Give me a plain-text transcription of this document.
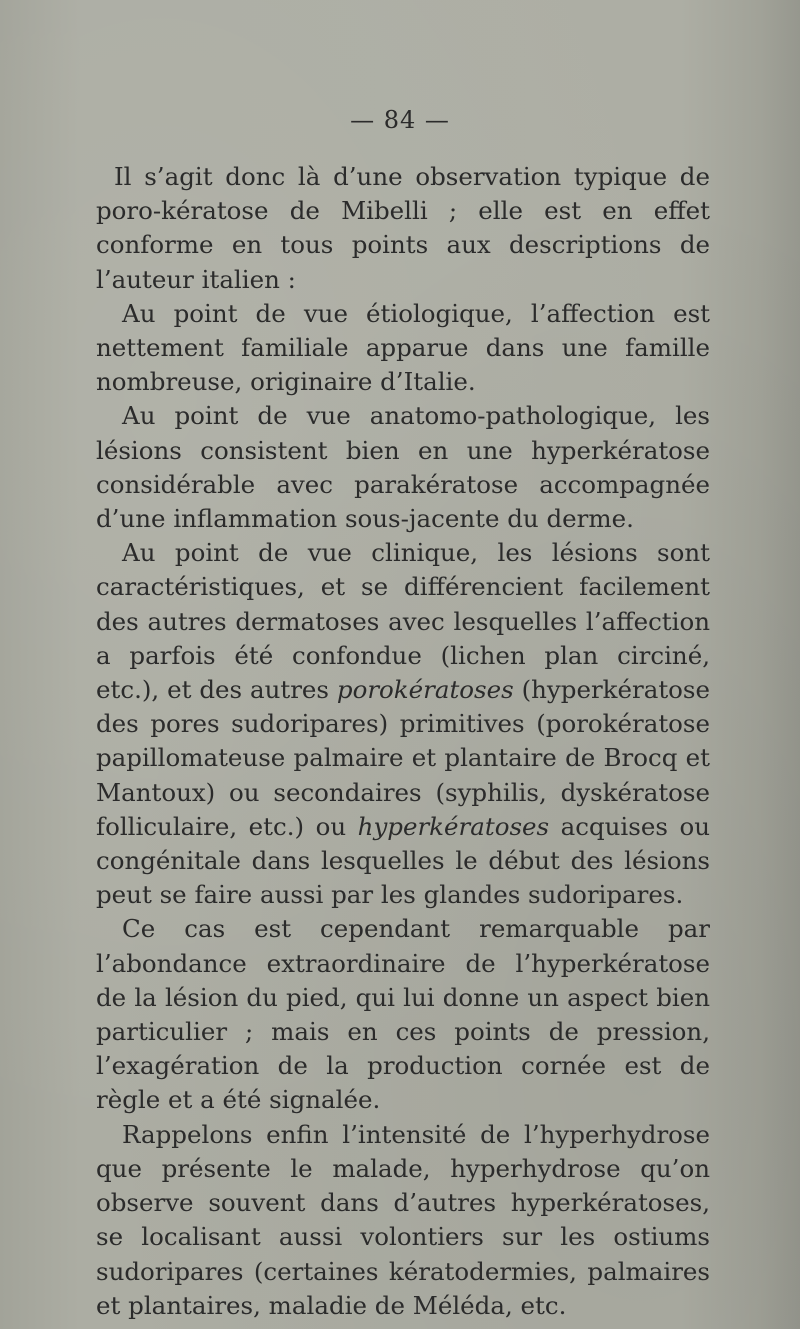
— 84 —

Il s’agit donc là d’une observation typique de poro-kératose de Mibelli ; elle est en effet conforme en tous points aux descriptions de l’auteur italien :

Au point de vue étiologique, l’affection est nettement familiale apparue dans une famille nombreuse, originaire d’Italie.

Au point de vue anatomo-pathologique, les lésions consistent bien en une hyperkératose considérable avec parakératose accompagnée d’une inflammation sous-jacente du derme.

Au point de vue clinique, les lésions sont caractéristiques, et se différencient facilement des autres dermatoses avec lesquelles l’affection a parfois été confondue (lichen plan circiné, etc.), et des autres porokératoses (hyperkératose des pores sudoripares) primitives (porokératose papillomateuse palmaire et plantaire de Brocq et Mantoux) ou secondaires (syphilis, dyskératose folliculaire, etc.) ou hyperkératoses acquises ou congénitale dans lesquelles le début des lésions peut se faire aussi par les glandes sudoripares.

Ce cas est cependant remarquable par l’abondance extraordinaire de l’hyperkératose de la lésion du pied, qui lui donne un aspect bien particulier ; mais en ces points de pression, l’exagération de la production cornée est de règle et a été signalée.

Rappelons enfin l’intensité de l’hyperhydrose que présente le malade, hyperhydrose qu’on observe souvent dans d’autres hyperkératoses, se localisant aussi volontiers sur les ostiums sudoripares (certaines kératodermies, palmaires et plantaires, maladie de Méléda, etc.
